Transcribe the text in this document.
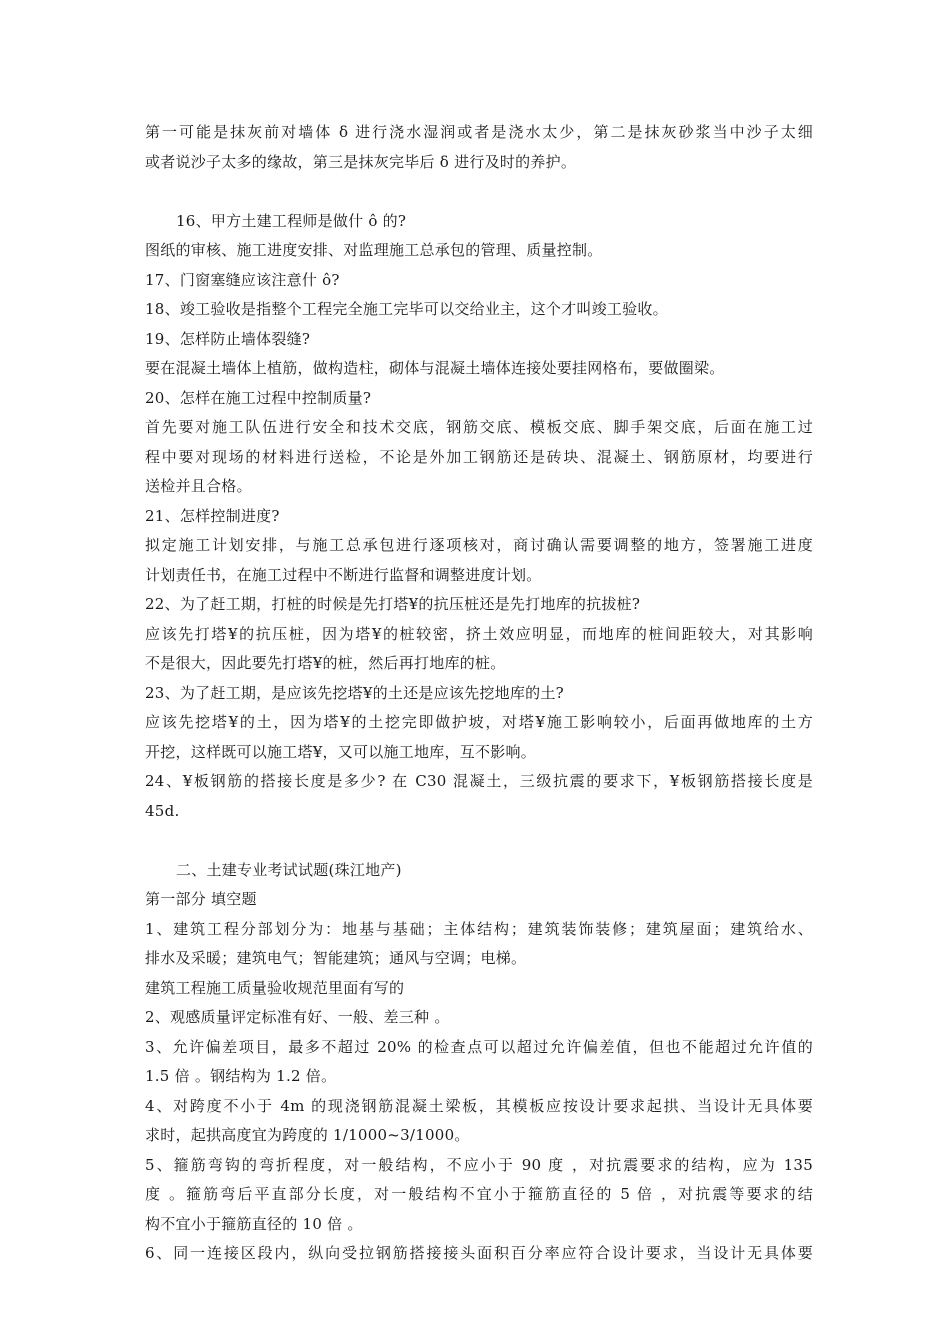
第一可能是抹灰前对墙体 δ 进行浇水湿润或者是浇水太少，第二是抹灰砂浆当中沙子太细
或者说沙子太多的缘故，第三是抹灰完毕后 δ 进行及时的养护。
16、甲方土建工程师是做什 ô 的?
图纸的审核、施工进度安排、对监理施工总承包的管理、质量控制。
17、门窗塞缝应该注意什 ô?
18、竣工验收是指整个工程完全施工完毕可以交给业主，这个才叫竣工验收。
19、怎样防止墙体裂缝?
要在混凝土墙体上植筋，做构造柱，砌体与混凝土墙体连接处要挂网格布，要做圈梁。
20、怎样在施工过程中控制质量?
首先要对施工队伍进行安全和技术交底，钢筋交底、模板交底、脚手架交底，后面在施工过
程中要对现场的材料进行送检，不论是外加工钢筋还是砖块、混凝土、钢筋原材，均要进行
送检并且合格。
21、怎样控制进度?
拟定施工计划安排，与施工总承包进行逐项核对，商讨确认需要调整的地方，签署施工进度
计划责任书，在施工过程中不断进行监督和调整进度计划。
22、为了赶工期，打桩的时候是先打塔¥的抗压桩还是先打地库的抗拔桩?
应该先打塔¥的抗压桩，因为塔¥的桩较密，挤土效应明显，而地库的桩间距较大，对其影响
不是很大，因此要先打塔¥的桩，然后再打地库的桩。
23、为了赶工期，是应该先挖塔¥的土还是应该先挖地库的土?
应该先挖塔¥的土，因为塔¥的土挖完即做护坡，对塔¥施工影响较小，后面再做地库的土方
开挖，这样既可以施工塔¥，又可以施工地库，互不影响。
24、¥板钢筋的搭接长度是多少? 在 C30 混凝土，三级抗震的要求下，¥板钢筋搭接长度是
45d.
二、土建专业考试试题(珠江地产)
第一部分 填空题
1、建筑工程分部划分为：地基与基础；主体结构；建筑装饰装修；建筑屋面；建筑给水、
排水及采暖；建筑电气；智能建筑；通风与空调；电梯。
建筑工程施工质量验收规范里面有写的
2、观感质量评定标准有好、一般、差三种 。
3、允许偏差项目，最多不超过 20% 的检查点可以超过允许偏差值，但也不能超过允许值的
1.5 倍 。钢结构为 1.2 倍。
4、对跨度不小于 4m 的现浇钢筋混凝土梁板，其模板应按设计要求起拱、当设计无具体要
求时，起拱高度宜为跨度的 1/1000~3/1000。
5、箍筋弯钩的弯折程度，对一般结构，不应小于 90 度 ，对抗震要求的结构，应为 135
度 。箍筋弯后平直部分长度，对一般结构不宜小于箍筋直径的 5 倍 ，对抗震等要求的结
构不宜小于箍筋直径的 10 倍 。
6、同一连接区段内，纵向受拉钢筋搭接接头面积百分率应符合设计要求，当设计无具体要
